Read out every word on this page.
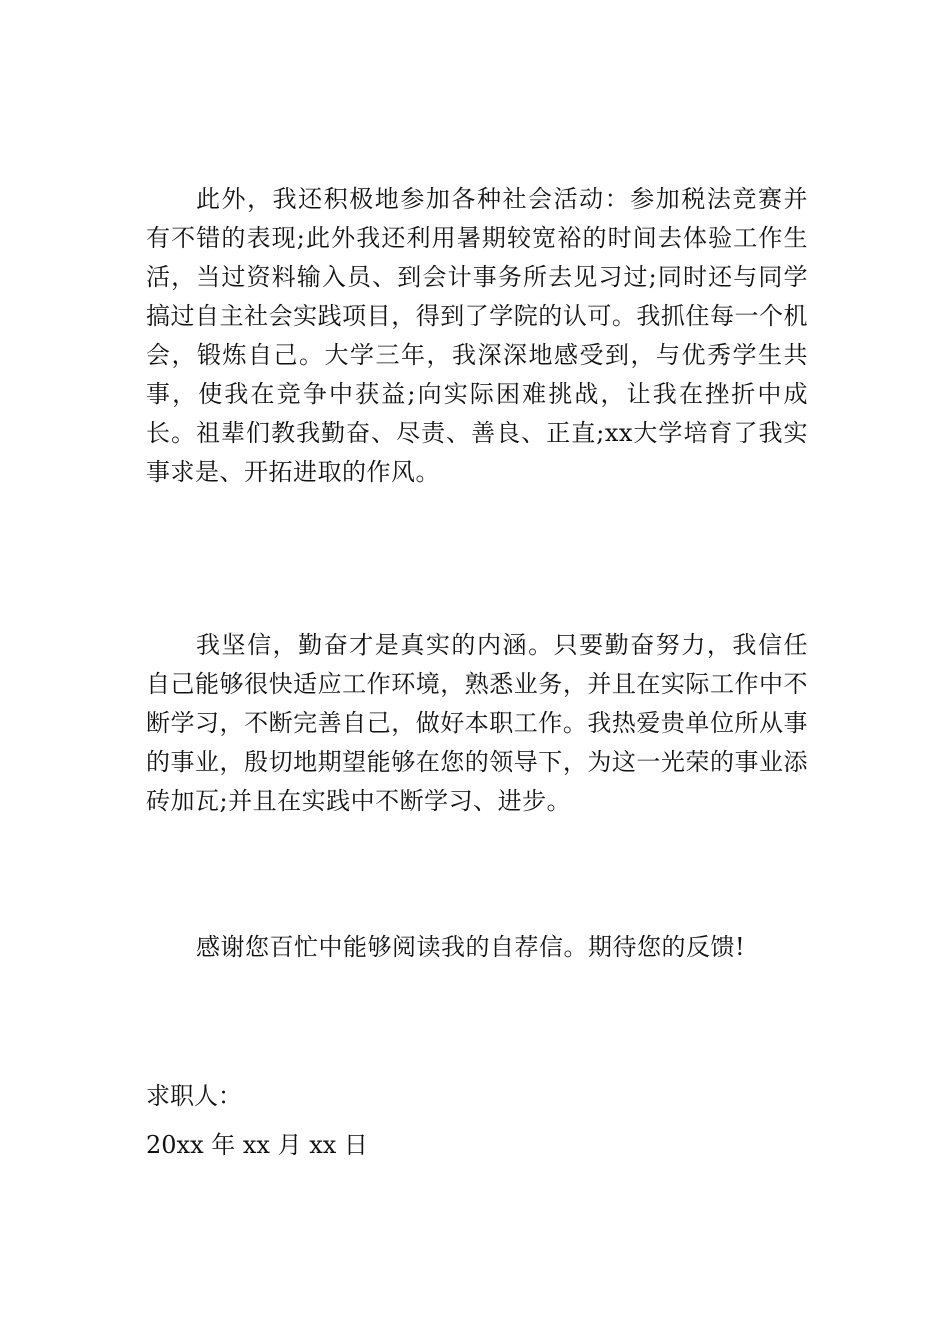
此外，我还积极地参加各种社会活动：参加税法竞赛并有不错的表现;此外我还利用暑期较宽裕的时间去体验工作生活，当过资料输入员、到会计事务所去见习过;同时还与同学搞过自主社会实践项目，得到了学院的认可。我抓住每一个机会，锻炼自己。大学三年，我深深地感受到，与优秀学生共事，使我在竞争中获益;向实际困难挑战，让我在挫折中成长。祖辈们教我勤奋、尽责、善良、正直;xx大学培育了我实事求是、开拓进取的作风。

我坚信，勤奋才是真实的内涵。只要勤奋努力，我信任自己能够很快适应工作环境，熟悉业务，并且在实际工作中不断学习，不断完善自己，做好本职工作。我热爱贵单位所从事的事业，殷切地期望能够在您的领导下，为这一光荣的事业添砖加瓦;并且在实践中不断学习、进步。

感谢您百忙中能够阅读我的自荐信。期待您的反馈!

求职人：

20xx 年 xx 月 xx 日
